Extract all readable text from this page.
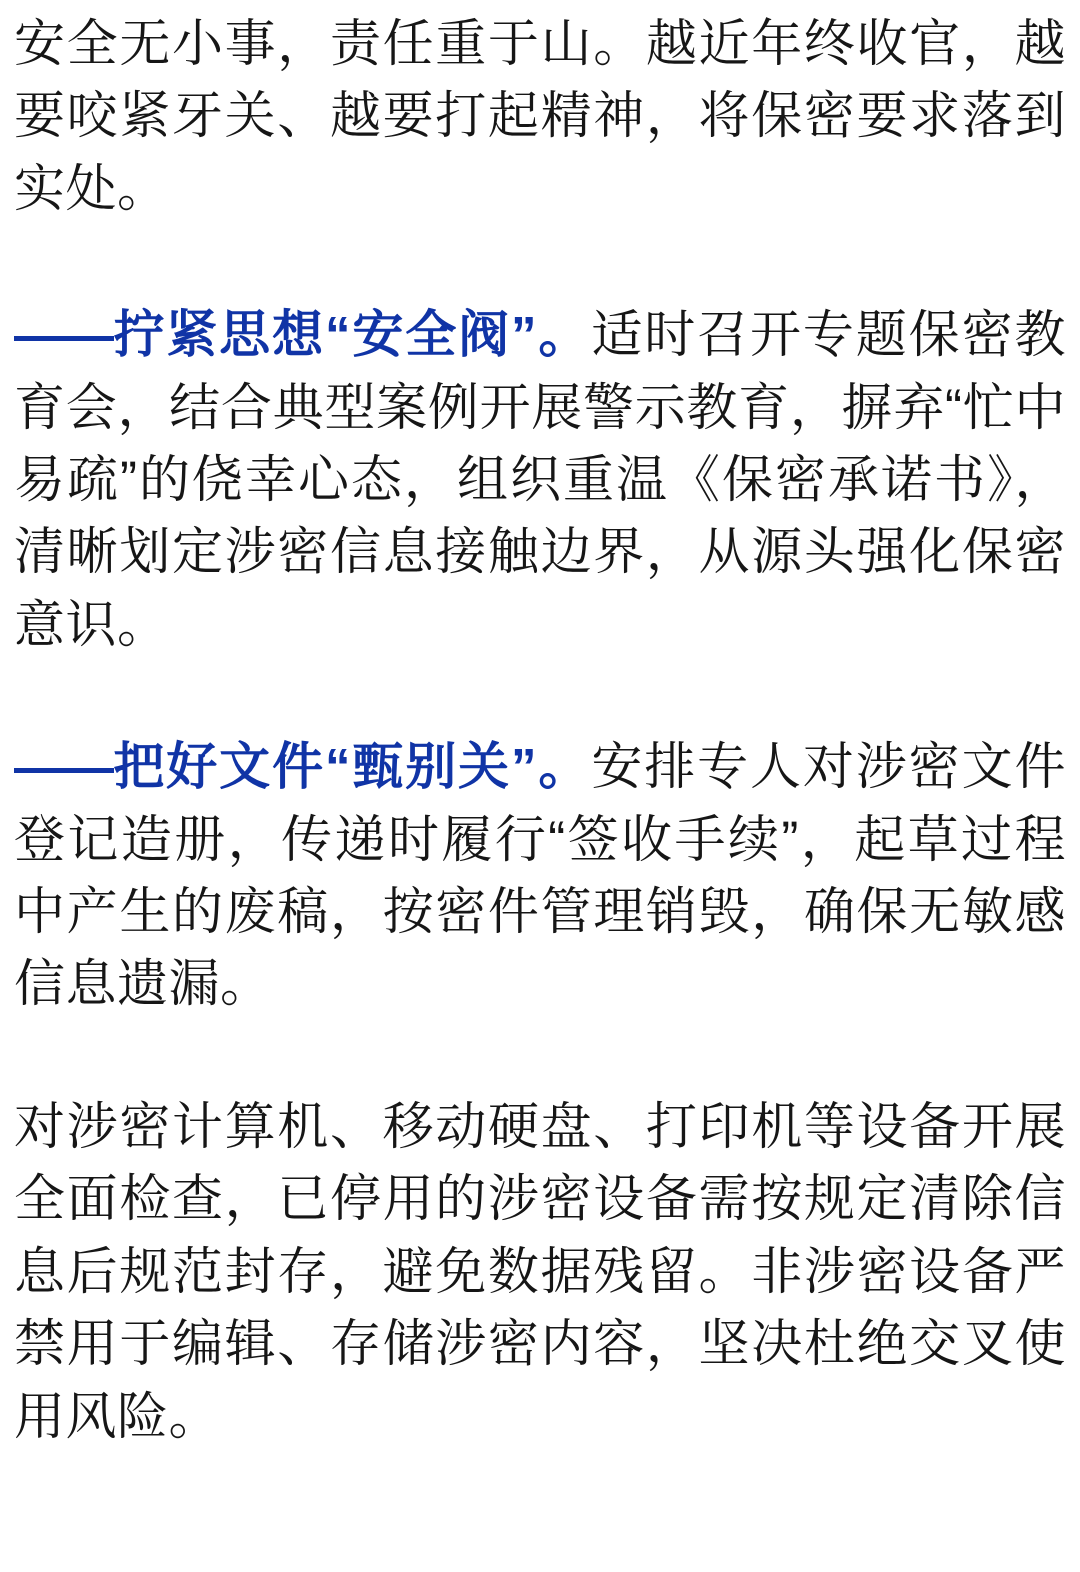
安全无小事，责任重于山。越近年终收官，越要咬紧牙关、越要打起精神，将保密要求落到实处。

——拧紧思想“安全阀”。适时召开专题保密教育会，结合典型案例开展警示教育，摒弃“忙中易疏”的侥幸心态，组织重温《保密承诺书》，清晰划定涉密信息接触边界，从源头强化保密意识。

——把好文件“甄别关”。安排专人对涉密文件登记造册，传递时履行“签收手续”，起草过程中产生的废稿，按密件管理销毁，确保无敏感信息遗漏。

对涉密计算机、移动硬盘、打印机等设备开展全面检查，已停用的涉密设备需按规定清除信息后规范封存，避免数据残留。非涉密设备严禁用于编辑、存储涉密内容，坚决杜绝交叉使用风险。
